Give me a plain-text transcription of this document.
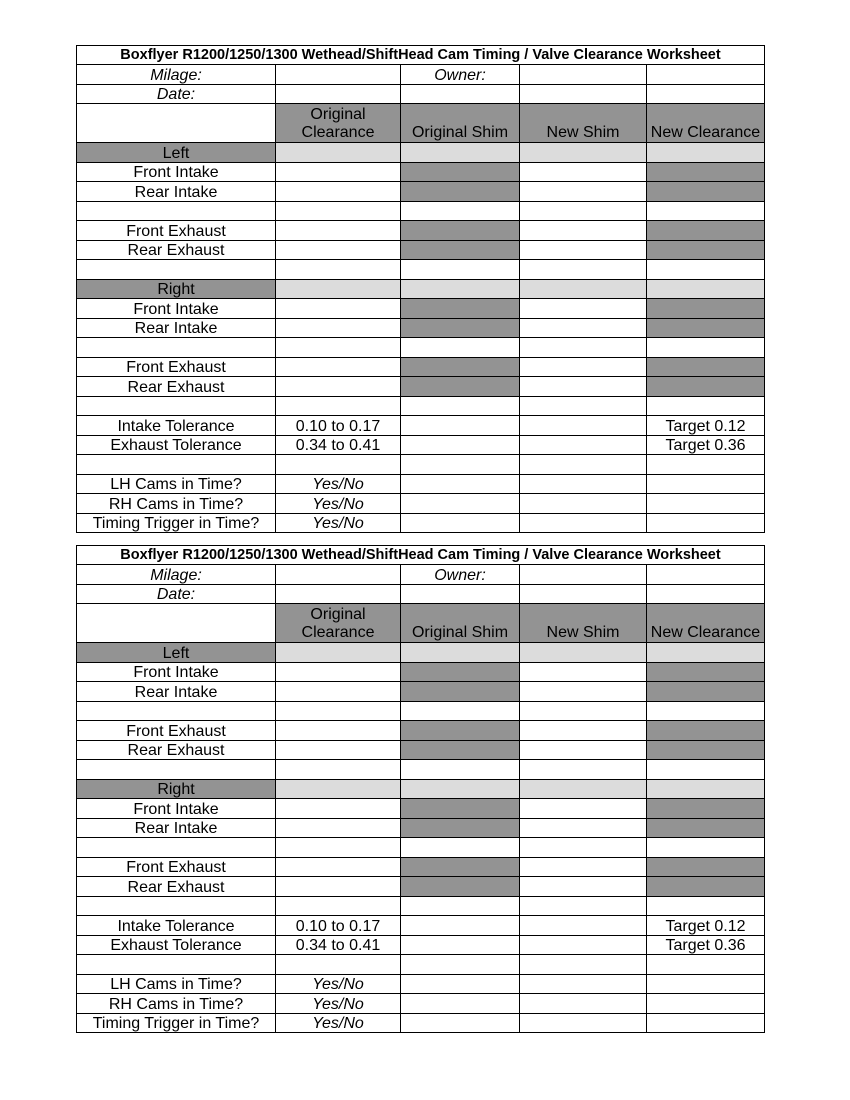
Boxflyer R1200/1250/1300 Wethead/ShiftHead Cam Timing / Valve Clearance Worksheet				
Milage:		Owner:		
Date:				
	Original Clearance	Original Shim	New Shim	New Clearance
Left				
Front Intake				
Rear Intake				

Front Exhaust				
Rear Exhaust				

Right				
Front Intake				
Rear Intake				

Front Exhaust				
Rear Exhaust				

Intake Tolerance	0.10 to 0.17			Target 0.12
Exhaust Tolerance	0.34 to 0.41			Target 0.36

LH Cams in Time?	Yes/No			
RH Cams in Time?	Yes/No			
Timing Trigger in Time?	Yes/No			
Boxflyer R1200/1250/1300 Wethead/ShiftHead Cam Timing / Valve Clearance Worksheet				
Milage:		Owner:		
Date:				
	Original Clearance	Original Shim	New Shim	New Clearance
Left				
Front Intake				
Rear Intake				

Front Exhaust				
Rear Exhaust				

Right				
Front Intake				
Rear Intake				

Front Exhaust				
Rear Exhaust				

Intake Tolerance	0.10 to 0.17			Target 0.12
Exhaust Tolerance	0.34 to 0.41			Target 0.36

LH Cams in Time?	Yes/No			
RH Cams in Time?	Yes/No			
Timing Trigger in Time?	Yes/No			
